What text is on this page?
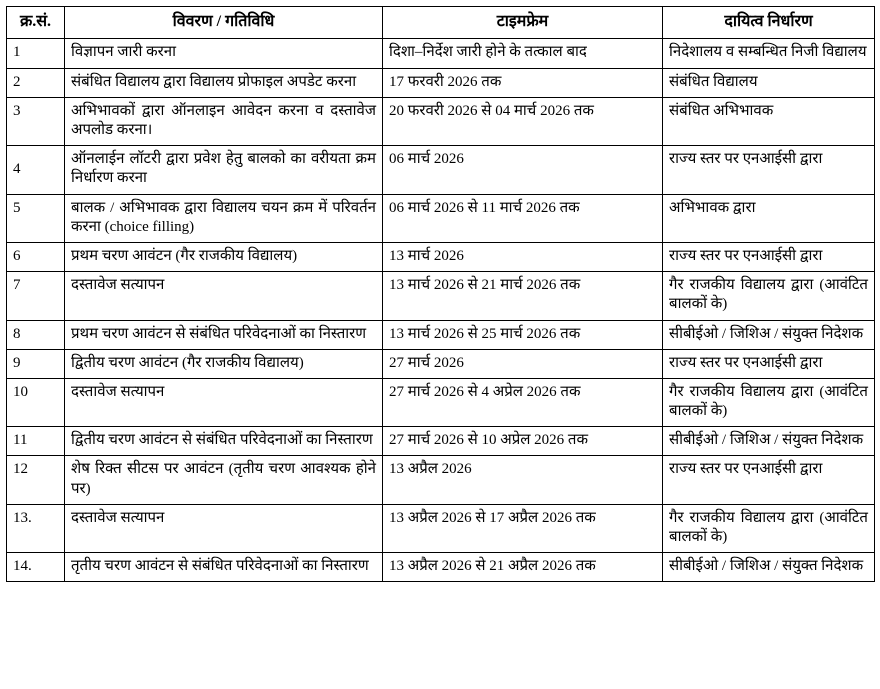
क्र.सं.	विवरण / गतिविधि	टाइमफ्रेम	दायित्व निर्धारण
1	विज्ञापन जारी करना	दिशा–निर्देश जारी होने के तत्काल बाद	निदेशालय व सम्बन्धित निजी विद्यालय
2	संबंधित विद्यालय द्वारा विद्यालय प्रोफाइल अपडेट करना	17 फरवरी 2026 तक	संबंधित विद्यालय
3	अभिभावकों द्वारा ऑनलाइन आवेदन करना व दस्तावेज अपलोड करना।	20 फरवरी 2026 से 04 मार्च 2026 तक	संबंधित अभिभावक
4	ऑनलाईन लॉटरी द्वारा प्रवेश हेतु बालको का वरीयता क्रम निर्धारण करना	06 मार्च 2026	राज्य स्तर पर एनआईसी द्वारा
5	बालक / अभिभावक द्वारा विद्यालय चयन क्रम में परिवर्तन करना (choice filling)	06 मार्च 2026 से 11 मार्च 2026 तक	अभिभावक द्वारा
6	प्रथम चरण आवंटन (गैर राजकीय विद्यालय)	13 मार्च 2026	राज्य स्तर पर एनआईसी द्वारा
7	दस्तावेज सत्यापन	13 मार्च 2026 से 21 मार्च 2026 तक	गैर राजकीय विद्यालय द्वारा (आवंटित बालकों के)
8	प्रथम चरण आवंटन से संबंधित परिवेदनाओं का निस्तारण	13 मार्च 2026 से 25 मार्च 2026 तक	सीबीईओ / जिशिअ / संयुक्त निदेशक
9	द्वितीय चरण आवंटन (गैर राजकीय विद्यालय)	27 मार्च 2026	राज्य स्तर पर एनआईसी द्वारा
10	दस्तावेज सत्यापन	27 मार्च 2026 से 4 अप्रेल 2026 तक	गैर राजकीय विद्यालय द्वारा (आवंटित बालकों के)
11	द्वितीय चरण आवंटन से संबंधित परिवेदनाओं का निस्तारण	27 मार्च 2026 से 10 अप्रेल 2026 तक	सीबीईओ / जिशिअ / संयुक्त निदेशक
12	शेष रिक्त सीटस पर आवंटन (तृतीय चरण आवश्यक होने पर)	13 अप्रैल 2026	राज्य स्तर पर एनआईसी द्वारा
13.	दस्तावेज सत्यापन	13 अप्रैल 2026 से 17 अप्रैल 2026 तक	गैर राजकीय विद्यालय द्वारा (आवंटित बालकों के)
14.	तृतीय चरण आवंटन से संबंधित परिवेदनाओं का निस्तारण	13 अप्रैल 2026 से 21 अप्रैल 2026 तक	सीबीईओ / जिशिअ / संयुक्त निदेशक
